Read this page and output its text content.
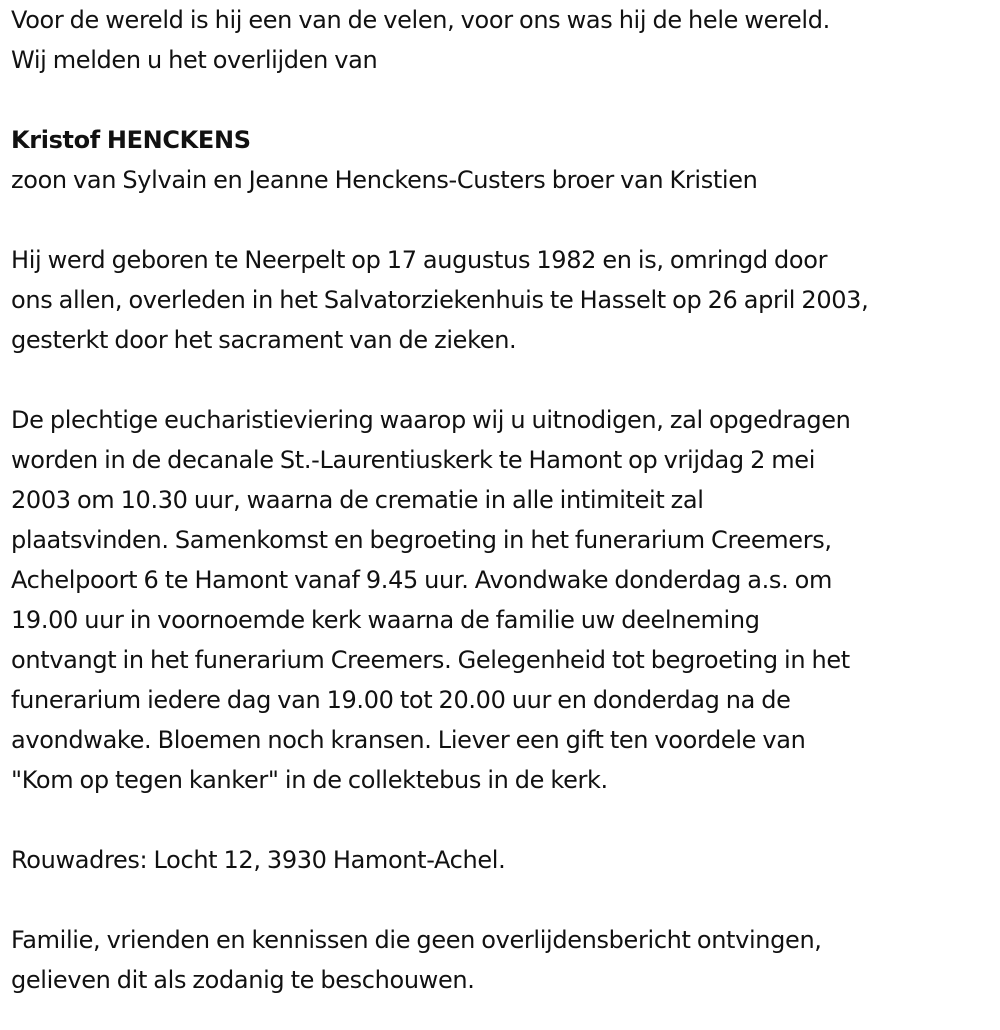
Voor de wereld is hij een van de velen, voor ons was hij de hele wereld.
Wij melden u het overlijden van

Kristof HENCKENS
zoon van Sylvain en Jeanne Henckens-Custers broer van Kristien

Hij werd geboren te Neerpelt op 17 augustus 1982 en is, omringd door
ons allen, overleden in het Salvatorziekenhuis te Hasselt op 26 april 2003,
gesterkt door het sacrament van de zieken.

De plechtige eucharistieviering waarop wij u uitnodigen, zal opgedragen
worden in de decanale St.-Laurentiuskerk te Hamont op vrijdag 2 mei
2003 om 10.30 uur, waarna de crematie in alle intimiteit zal
plaatsvinden. Samenkomst en begroeting in het funerarium Creemers,
Achelpoort 6 te Hamont vanaf 9.45 uur. Avondwake donderdag a.s. om
19.00 uur in voornoemde kerk waarna de familie uw deelneming
ontvangt in het funerarium Creemers. Gelegenheid tot begroeting in het
funerarium iedere dag van 19.00 tot 20.00 uur en donderdag na de
avondwake. Bloemen noch kransen. Liever een gift ten voordele van
"Kom op tegen kanker" in de collektebus in de kerk.

Rouwadres: Locht 12, 3930 Hamont-Achel.

Familie, vrienden en kennissen die geen overlijdensbericht ontvingen,
gelieven dit als zodanig te beschouwen.
